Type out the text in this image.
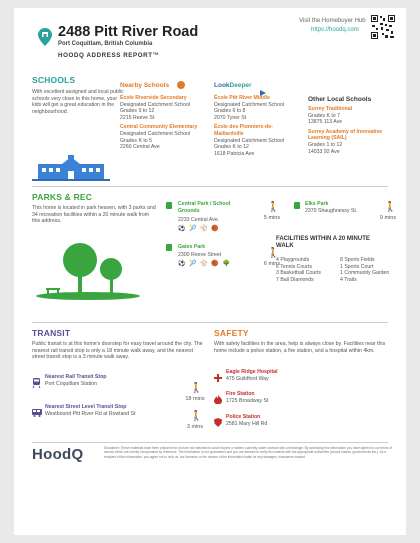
2488 Pitt River Road
Port Coquitlam, British Columbia
HOODQ ADDRESS REPORT™
Visit the Homebuyer Hub
https://hoodq.com
SCHOOLS
With excellent assigned and local public schools very close to this home, your kids will get a great education in the neighbourhood.
Nearby Schools	LookDeeper
Other Local Schools
École Riverside Secondary
Designated Catchment School
Grades 9 to 12
2215 Reeve St
Central Community Elementary
Designated Catchment School
Grades K to 5
2260 Central Ave
École Pitt River Middle
Designated Catchment School
Grades 6 to 8
2070 Tyner St
École des Pionniers-de-Maillardville
Designated Catchment School
Grades K to 12
1618 Patricia Ave
Surrey Traditional
Grades K to 7
13875 113 Ave
Surrey Academy of Innovative Learning (SAIL)
Grades 1 to 12
14033 92 Ave
PARKS & REC
This home is located in park heaven, with 3 parks and 34 recreation facilities within a 20 minute walk from this address.
Central Park / School Grounds
2233 Central Ave.
⚽ 🎾 ⚾ 🏀
🚶
5 mins
Elks Park
2370 Shaughnessy St.	🚶
9 mins
Gates Park
2300 Reeve Street
⚽ 🎾 ⚾ 🏀 🌳
🚶
6 mins
FACILITIES WITHIN A 20 MINUTE WALK
4 Playgrounds
6 Tennis Courts
3 Basketball Courts
7 Ball Diamonds
8 Sports Fields
1 Sports Court
1 Community Garden
4 Trails
TRANSIT
Public transit is at this home's doorstep for easy travel around the city. The nearest rail transit stop is only a 18 minute walk away, and the nearest street transit stop is a 3 minute walk away.
Nearest Rail Transit Stop
Port Coquitlam Station	🚶
18 mins
Nearest Street Level Transit Stop
Westbound Pitt River Rd at Rowland St	🚶
3 mins
SAFETY
With safety facilities in the area, help is always close by. Facilities near this home include a police station, a fire station, and a hospital within 4km.
Eagle Ridge Hospital
475 Guildford Way
Fire Station
1725 Broadway St
Police Station
2581 Mary Hill Rd
HoodQ	Disclaimer: These materials have been prepared for and are not intended to solicit buyers or sellers currently under contract with a brokerage. By accessing this information you have agreed to our terms of service which are hereby incorporated by reference. The information is not guaranteed and you are advised to verify its contents with the appropriate authorities (school boards, governments etc.). As a recipient of this information, you agree not to hold us, our licensors or the owners of the information liable for any damages, howsoever caused.
